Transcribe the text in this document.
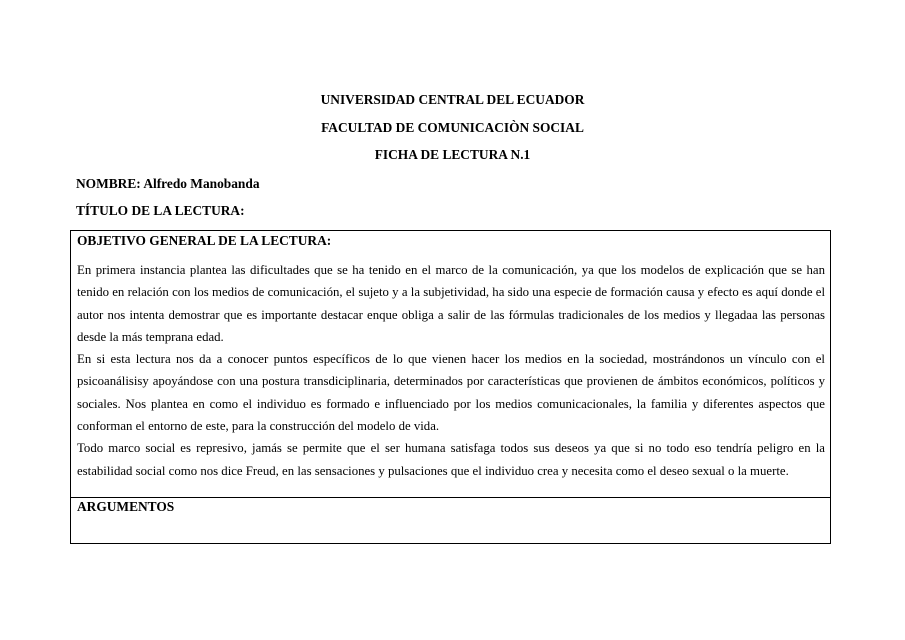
UNIVERSIDAD CENTRAL DEL ECUADOR
FACULTAD DE COMUNICACIÒN SOCIAL
FICHA DE LECTURA N.1
NOMBRE: Alfredo Manobanda
TÍTULO DE LA LECTURA:
OBJETIVO GENERAL DE LA LECTURA:

En primera instancia plantea las dificultades que se ha tenido en el marco de la comunicación, ya que los modelos de explicación que se han tenido en relación con los medios de comunicación, el sujeto y a la subjetividad, ha sido una especie de formación causa y efecto es aquí donde el autor nos intenta demostrar que es importante destacar enque obliga a salir de las fórmulas tradicionales de los medios y llegadaa las personas desde la más temprana edad.

En si esta lectura nos da a conocer puntos específicos de lo que vienen hacer los medios en la sociedad, mostrándonos un vínculo con el psicoanálisisy apoyándose con una postura transdiciplinaria, determinados por características que provienen de ámbitos económicos, políticos y sociales. Nos plantea en como el individuo es formado e influenciado por los medios comunicacionales, la familia y diferentes aspectos que conforman el entorno de este, para la construcción del modelo de vida.

Todo marco social es represivo, jamás se permite que el ser humana satisfaga todos sus deseos ya que si no todo eso tendría peligro en la estabilidad social como nos dice Freud, en las sensaciones y pulsaciones que el individuo crea y necesita como el deseo sexual o la muerte.

ARGUMENTOS
